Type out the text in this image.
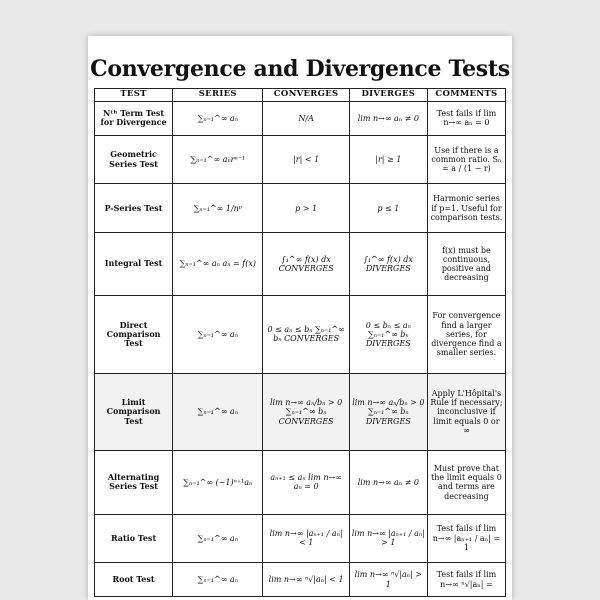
Convergence and Divergence Tests
TEST	SERIES	CONVERGES	DIVERGES	COMMENTS
Nᵗʰ Term Test for Divergence	∑ₙ₌₁^∞ aₙ	N/A	lim n→∞ aₙ ≠ 0	Test fails if lim n→∞ aₙ = 0
Geometric Series Test	∑ₙ₌₁^∞ aₙrⁿ⁻¹	|r| < 1	|r| ≥ 1	Use if there is a common ratio. Sₙ = a / (1 − r)
P-Series Test	∑ₙ₌₁^∞ 1/nᵖ	p > 1	p ≤ 1	Harmonic series if p=1. Useful for comparison tests.
Integral Test	∑ₙ₌₁^∞ aₙ aₙ = f(x)	∫₁^∞ f(x) dx CONVERGES	∫₁^∞ f(x) dx DIVERGES	f(x) must be continuous, positive and decreasing
Direct Comparison Test	∑ₙ₌₁^∞ aₙ	0 ≤ aₙ ≤ bₙ ∑ₙ₌₁^∞ bₙ CONVERGES	0 ≤ bₙ ≤ aₙ ∑ₙ₌₁^∞ bₙ DIVERGES	For convergence find a larger series, for divergence find a smaller series.
Limit Comparison Test	∑ₙ₌₁^∞ aₙ	lim n→∞ aₙ/bₙ > 0 ∑ₙ₌₁^∞ bₙ CONVERGES	lim n→∞ aₙ/bₙ > 0 ∑ₙ₌₁^∞ bₙ DIVERGES	Apply L'Hôpital's Rule if necessary; inconclusive if limit equals 0 or ∞
Alternating Series Test	∑ₙ₌₁^∞ (−1)ⁿ⁺¹aₙ	aₙ₊₁ ≤ aₙ lim n→∞ aₙ = 0	lim n→∞ aₙ ≠ 0	Must prove that the limit equals 0 and terms are decreasing
Ratio Test	∑ₙ₌₁^∞ aₙ	lim n→∞ |aₙ₊₁ / aₙ| < 1	lim n→∞ |aₙ₊₁ / aₙ| > 1	Test fails if lim n→∞ |aₙ₊₁ / aₙ| = 1
Root Test	∑ₙ₌₁^∞ aₙ	lim n→∞ ⁿ√|aₙ| < 1	lim n→∞ ⁿ√|aₙ| > 1	Test fails if lim n→∞ ⁿ√|aₙ| =
